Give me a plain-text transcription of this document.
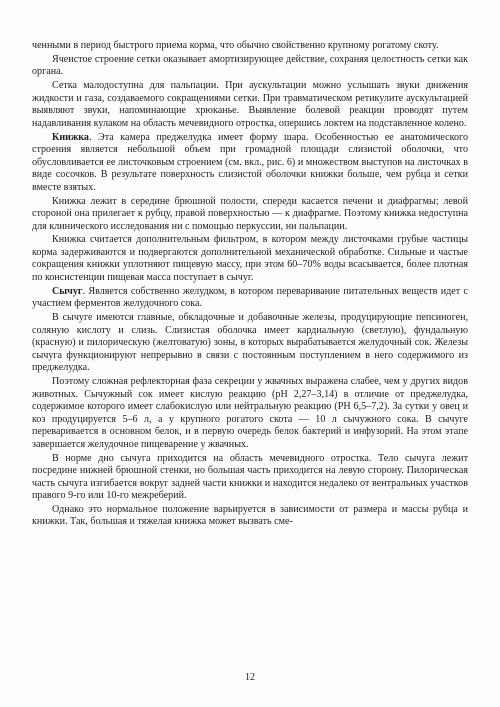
ченными в период быстрого приема корма, что обычно свойственно крупному рогатому скоту.

Ячеистое строение сетки оказывает амортизирующее действие, сохраняя целостность сетки как органа.

Сетка малодоступна для пальпации. При аускультации можно услышать звуки движения жидкости и газа, создаваемого сокращениями сетки. При травматическом ретикулите аускультацией выявляют звуки, напоминающие хрюканье. Выявление болевой реакции проводят путем надавливания кулаком на область мечевидного отростка, опершись локтем на подставленное колено.

Книжка. Эта камера преджелудка имеет форму шара. Особенностью ее анатомического строения является небольшой объем при громадной площади слизистой оболочки, что обусловливается ее листочковым строением (см. вкл., рис. 6) и множеством выступов на листочках в виде сосочков. В результате поверхность слизистой оболочки книжки больше, чем рубца и сетки вместе взятых.

Книжка лежит в середине брюшной полости, спереди касается печени и диафрагмы; левой стороной она прилегает к рубцу, правой поверхностью — к диафрагме. Поэтому книжка недоступна для клинического исследования ни с помощью перкуссии, ни пальпации.

Книжка считается дополнительным фильтром, в котором между листочками грубые частицы корма задерживаются и подвергаются дополнительной механической обработке. Сильные и частые сокращения книжки уплотняют пищевую массу, при этом 60–70% воды всасывается, более плотная по консистенции пищевая масса поступает в сычуг.

Сычуг. Является собственно желудком, в котором переваривание питательных веществ идет с участием ферментов желудочного сока.

В сычуге имеются главные, обкладочные и добавочные железы, продуцирующие пепсиноген, соляную кислоту и слизь. Слизистая оболочка имеет кардиальную (светлую), фундальную (красную) и пилорическую (желтоватую) зоны, в которых вырабатывается желудочный сок. Железы сычуга функционируют непрерывно в связи с постоянным поступлением в него содержимого из преджелудка.

Поэтому сложная рефлекторная фаза секреции у жвачных выражена слабее, чем у других видов животных. Сычужный сок имеет кислую реакцию (pH 2,27–3,14) в отличие от преджелудка, содержимое которого имеет слабокислую или нейтральную реакцию (PH 6,5–7,2). За сутки у овец и коз продуцируется 5–6 л, а у крупного рогатого скота — 10 л сычужного сока. В сычуге переваривается в основном белок, и в первую очередь белок бактерий и инфузорий. На этом этапе завершается желудочное пищеварение у жвачных.

В норме дно сычуга приходится на область мечевидного отростка. Тело сычуга лежит посредине нижней брюшной стенки, но большая часть приходится на левую сторону. Пилорическая часть сычуга изгибается вокруг задней части книжки и находится недалеко от вентральных участков правого 9-го или 10-го межреберий.

Однако это нормальное положение варьируется в зависимости от размера и массы рубца и книжки. Так, большая и тяжелая книжка может вызвать сме-

12
